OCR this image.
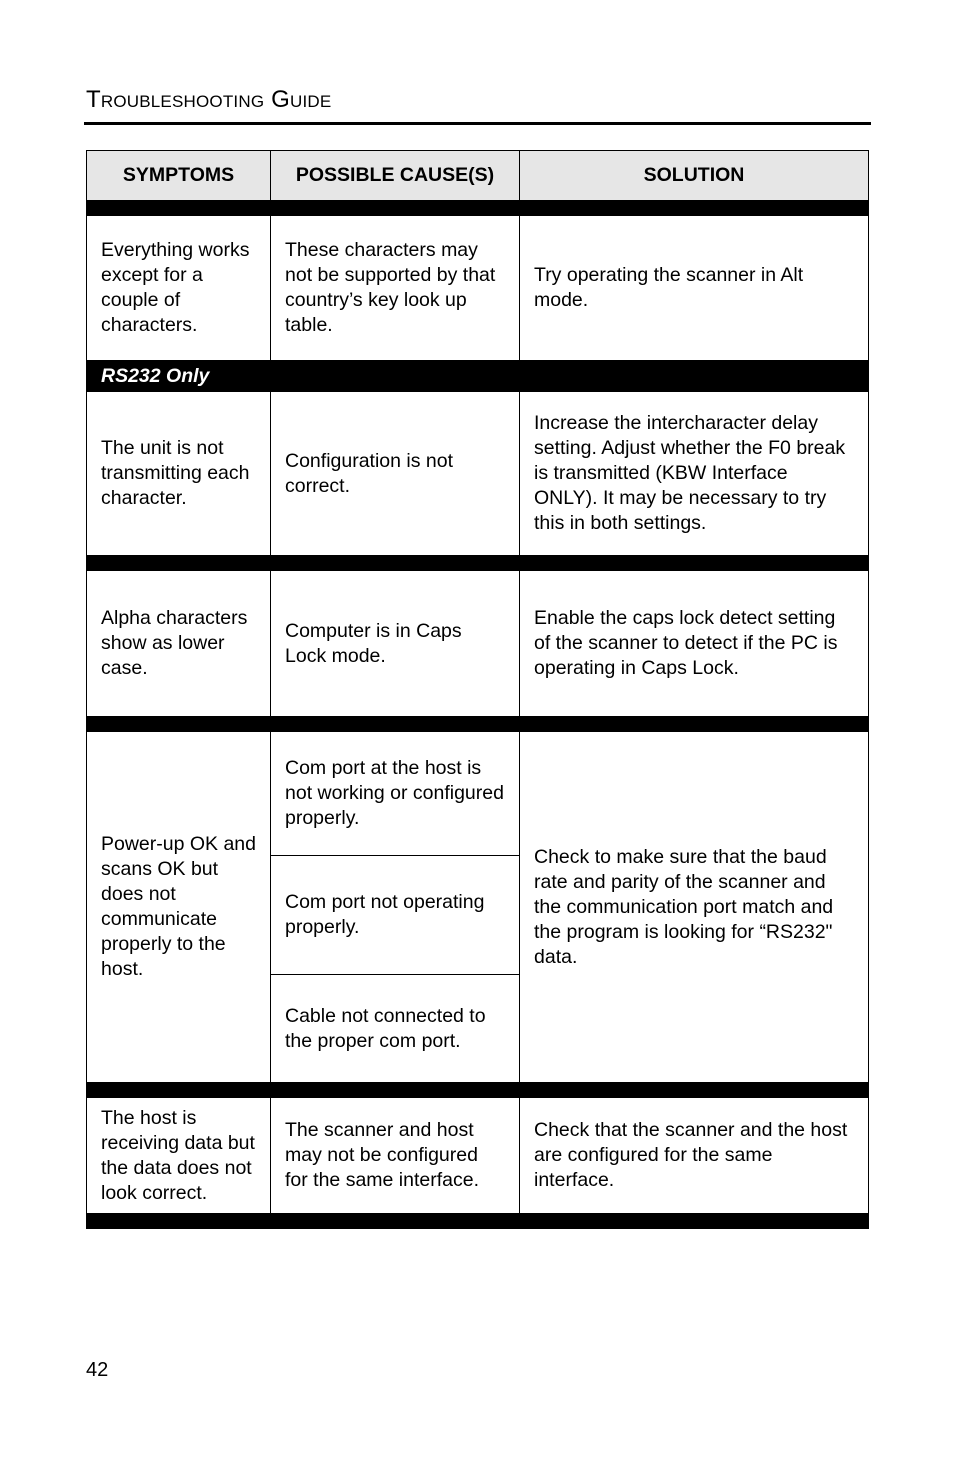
Troubleshooting Guide
SYMPTOMS	POSSIBLE CAUSE(S)	SOLUTION

Everything works except for a couple of characters.	These characters may not be supported by that country’s key look up table.	Try operating the scanner in Alt mode.
RS232 Only		
The unit is not transmitting each character.	Configuration is not correct.	Increase the intercharacter delay setting. Adjust whether the F0 break is transmitted (KBW Interface ONLY). It may be necessary to try this in both settings.

Alpha characters show as lower case.	Computer is in Caps Lock mode.	Enable the caps lock detect setting of the scanner to detect if the PC is operating in Caps Lock.

Power-up OK and scans OK but does not communicate properly to the host.	Com port at the host is not working or configured properly.	Check to make sure that the baud rate and parity of the scanner and the communication port match and the program is looking for “RS232" data.
	Com port not operating properly.	
	Cable not connected to the proper com port.	

The host is receiving data but the data does not look correct.	The scanner and host may not be configured for the same interface.	Check that the scanner and the host are configured for the same interface.

42
